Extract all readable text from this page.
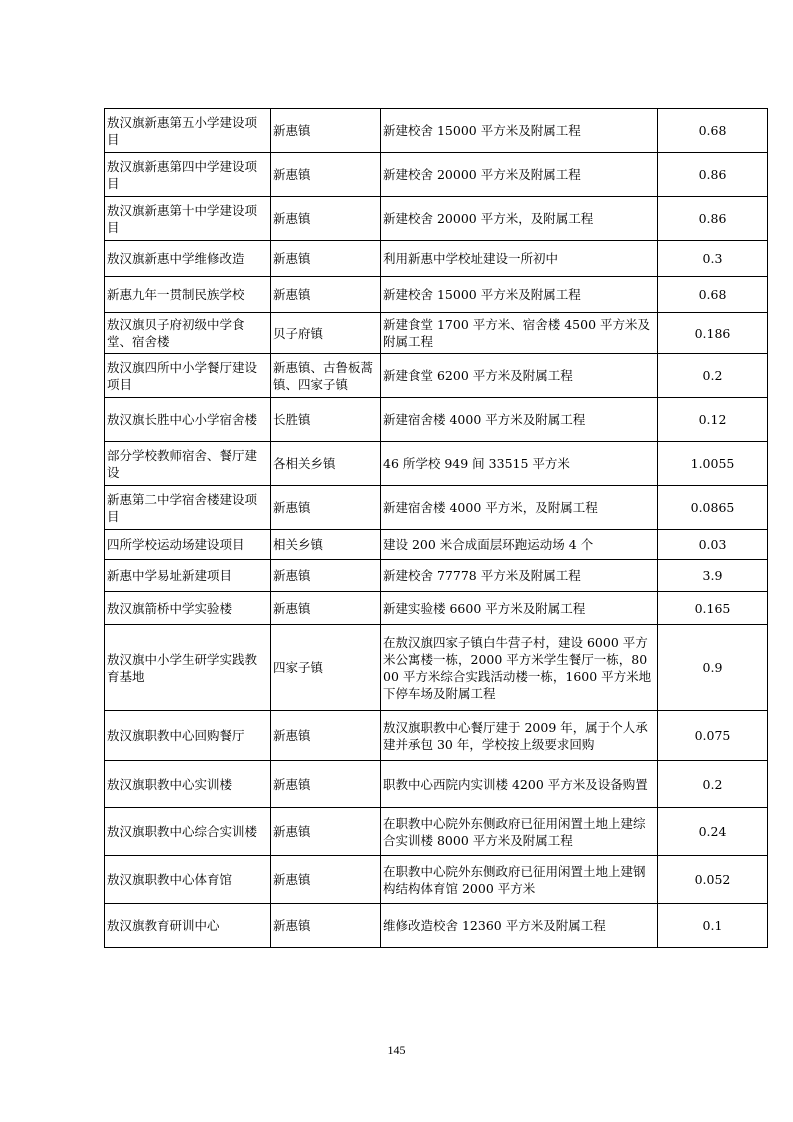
敖汉旗新惠第五小学建设项目	新惠镇	新建校舍 15000 平方米及附属工程	0.68
敖汉旗新惠第四中学建设项目	新惠镇	新建校舍 20000 平方米及附属工程	0.86
敖汉旗新惠第十中学建设项目	新惠镇	新建校舍 20000 平方米，及附属工程	0.86
敖汉旗新惠中学维修改造	新惠镇	利用新惠中学校址建设一所初中	0.3
新惠九年一贯制民族学校	新惠镇	新建校舍 15000 平方米及附属工程	0.68
敖汉旗贝子府初级中学食堂、宿舍楼	贝子府镇	新建食堂 1700 平方米、宿舍楼 4500 平方米及附属工程	0.186
敖汉旗四所中小学餐厅建设项目	新惠镇、古鲁板蒿镇、四家子镇	新建食堂 6200 平方米及附属工程	0.2
敖汉旗长胜中心小学宿舍楼	长胜镇	新建宿舍楼 4000 平方米及附属工程	0.12
部分学校教师宿舍、餐厅建设	各相关乡镇	46 所学校 949 间 33515 平方米	1.0055
新惠第二中学宿舍楼建设项目	新惠镇	新建宿舍楼 4000 平方米，及附属工程	0.0865
四所学校运动场建设项目	相关乡镇	建设 200 米合成面层环跑运动场 4 个	0.03
新惠中学易址新建项目	新惠镇	新建校舍 77778 平方米及附属工程	3.9
敖汉旗箭桥中学实验楼	新惠镇	新建实验楼 6600 平方米及附属工程	0.165
敖汉旗中小学生研学实践教育基地	四家子镇	在敖汉旗四家子镇白牛营子村，建设 6000 平方米公寓楼一栋，2000 平方米学生餐厅一栋，8000 平方米综合实践活动楼一栋，1600 平方米地下停车场及附属工程	0.9
敖汉旗职教中心回购餐厅	新惠镇	敖汉旗职教中心餐厅建于 2009 年，属于个人承建并承包 30 年，学校按上级要求回购	0.075
敖汉旗职教中心实训楼	新惠镇	职教中心西院内实训楼 4200 平方米及设备购置	0.2
敖汉旗职教中心综合实训楼	新惠镇	在职教中心院外东侧政府已征用闲置土地上建综合实训楼 8000 平方米及附属工程	0.24
敖汉旗职教中心体育馆	新惠镇	在职教中心院外东侧政府已征用闲置土地上建钢构结构体育馆 2000 平方米	0.052
敖汉旗教育研训中心	新惠镇	维修改造校舍 12360 平方米及附属工程	0.1
145
